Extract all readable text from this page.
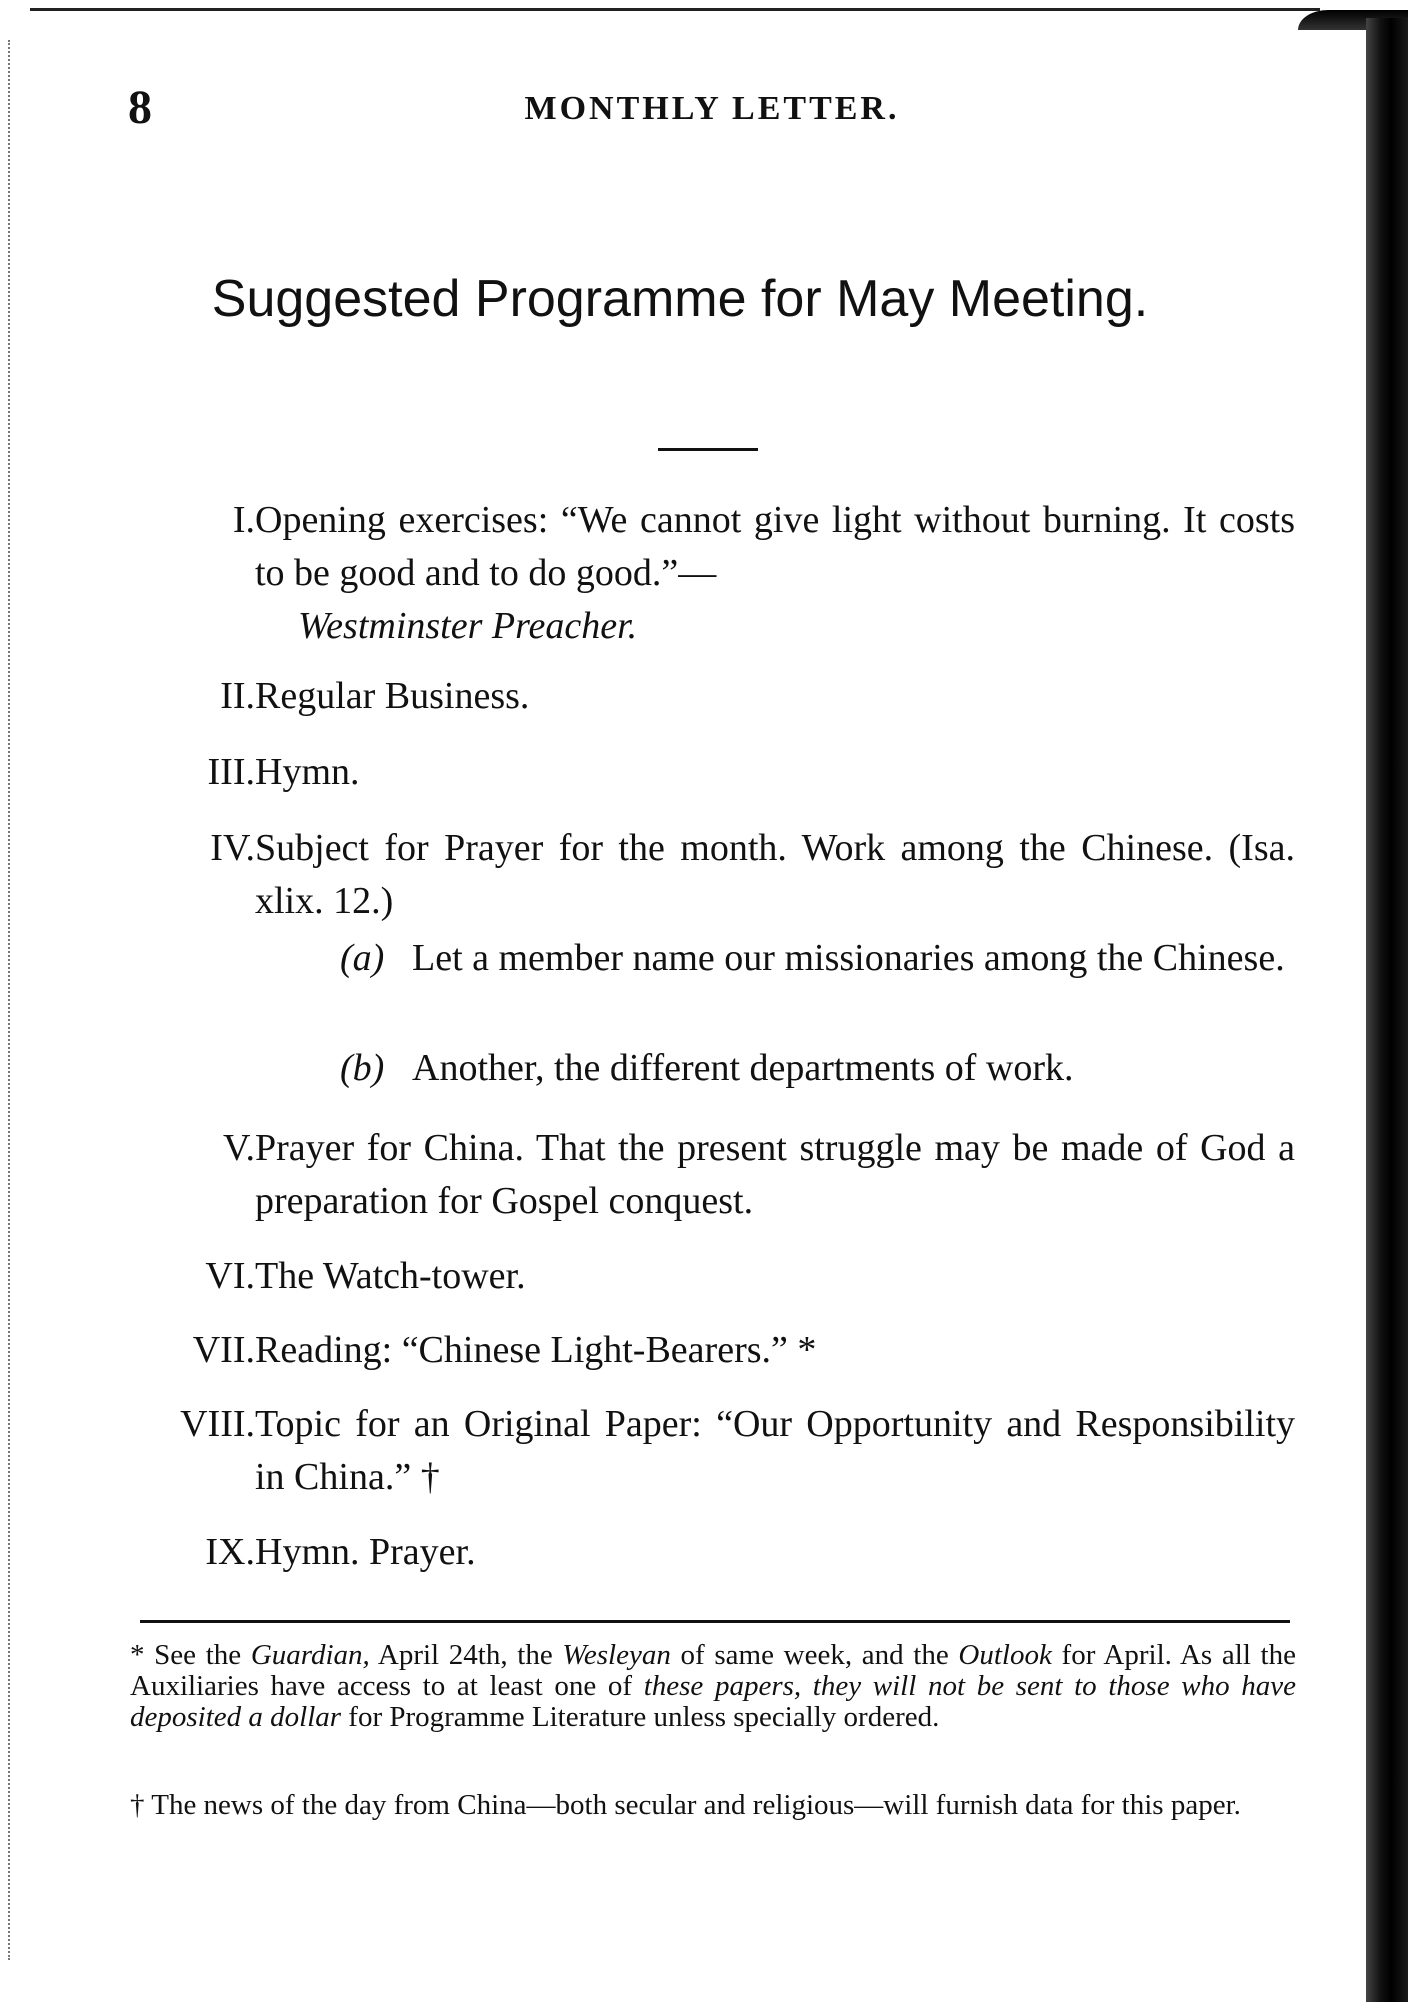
8	MONTHLY LETTER.
Suggested Programme for May Meeting.
I. Opening exercises: “We cannot give light without burning. It costs to be good and to do good.”—
Westminster Preacher.
II. Regular Business.
III. Hymn.
IV. Subject for Prayer for the month. Work among the Chinese. (Isa. xlix. 12.)
(a) Let a member name our missionaries among the Chinese.
(b) Another, the different departments of work.
V. Prayer for China. That the present struggle may be made of God a preparation for Gospel conquest.
VI. The Watch-tower.
VII. Reading: “Chinese Light-Bearers.” *
VIII. Topic for an Original Paper: “Our Opportunity and Responsibility in China.” †
IX. Hymn. Prayer.
* See the Guardian, April 24th, the Wesleyan of same week, and the Outlook for April. As all the Auxiliaries have access to at least one of these papers, they will not be sent to those who have deposited a dollar for Programme Literature unless specially ordered.
† The news of the day from China—both secular and religious—will furnish data for this paper.
